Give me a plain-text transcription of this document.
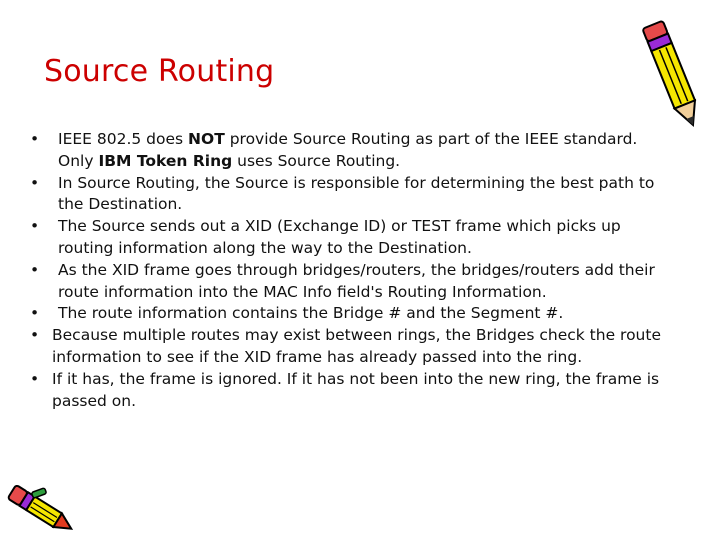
Source Routing
• IEEE 802.5 does NOT provide Source Routing as part of the IEEE standard. Only IBM Token Ring uses Source Routing.
• In Source Routing, the Source is responsible for determining the best path to the Destination.
• The Source sends out a XID (Exchange ID) or TEST frame which picks up routing information along the way to the Destination.
• As the XID frame goes through bridges/routers, the bridges/routers add their route information into the MAC Info field's Routing Information.
• The route information contains the Bridge # and the Segment #.
• Because multiple routes may exist between rings, the Bridges check the route information to see if the XID frame has already passed into the ring.
• If it has, the frame is ignored. If it has not been into the new ring, the frame is passed on.
